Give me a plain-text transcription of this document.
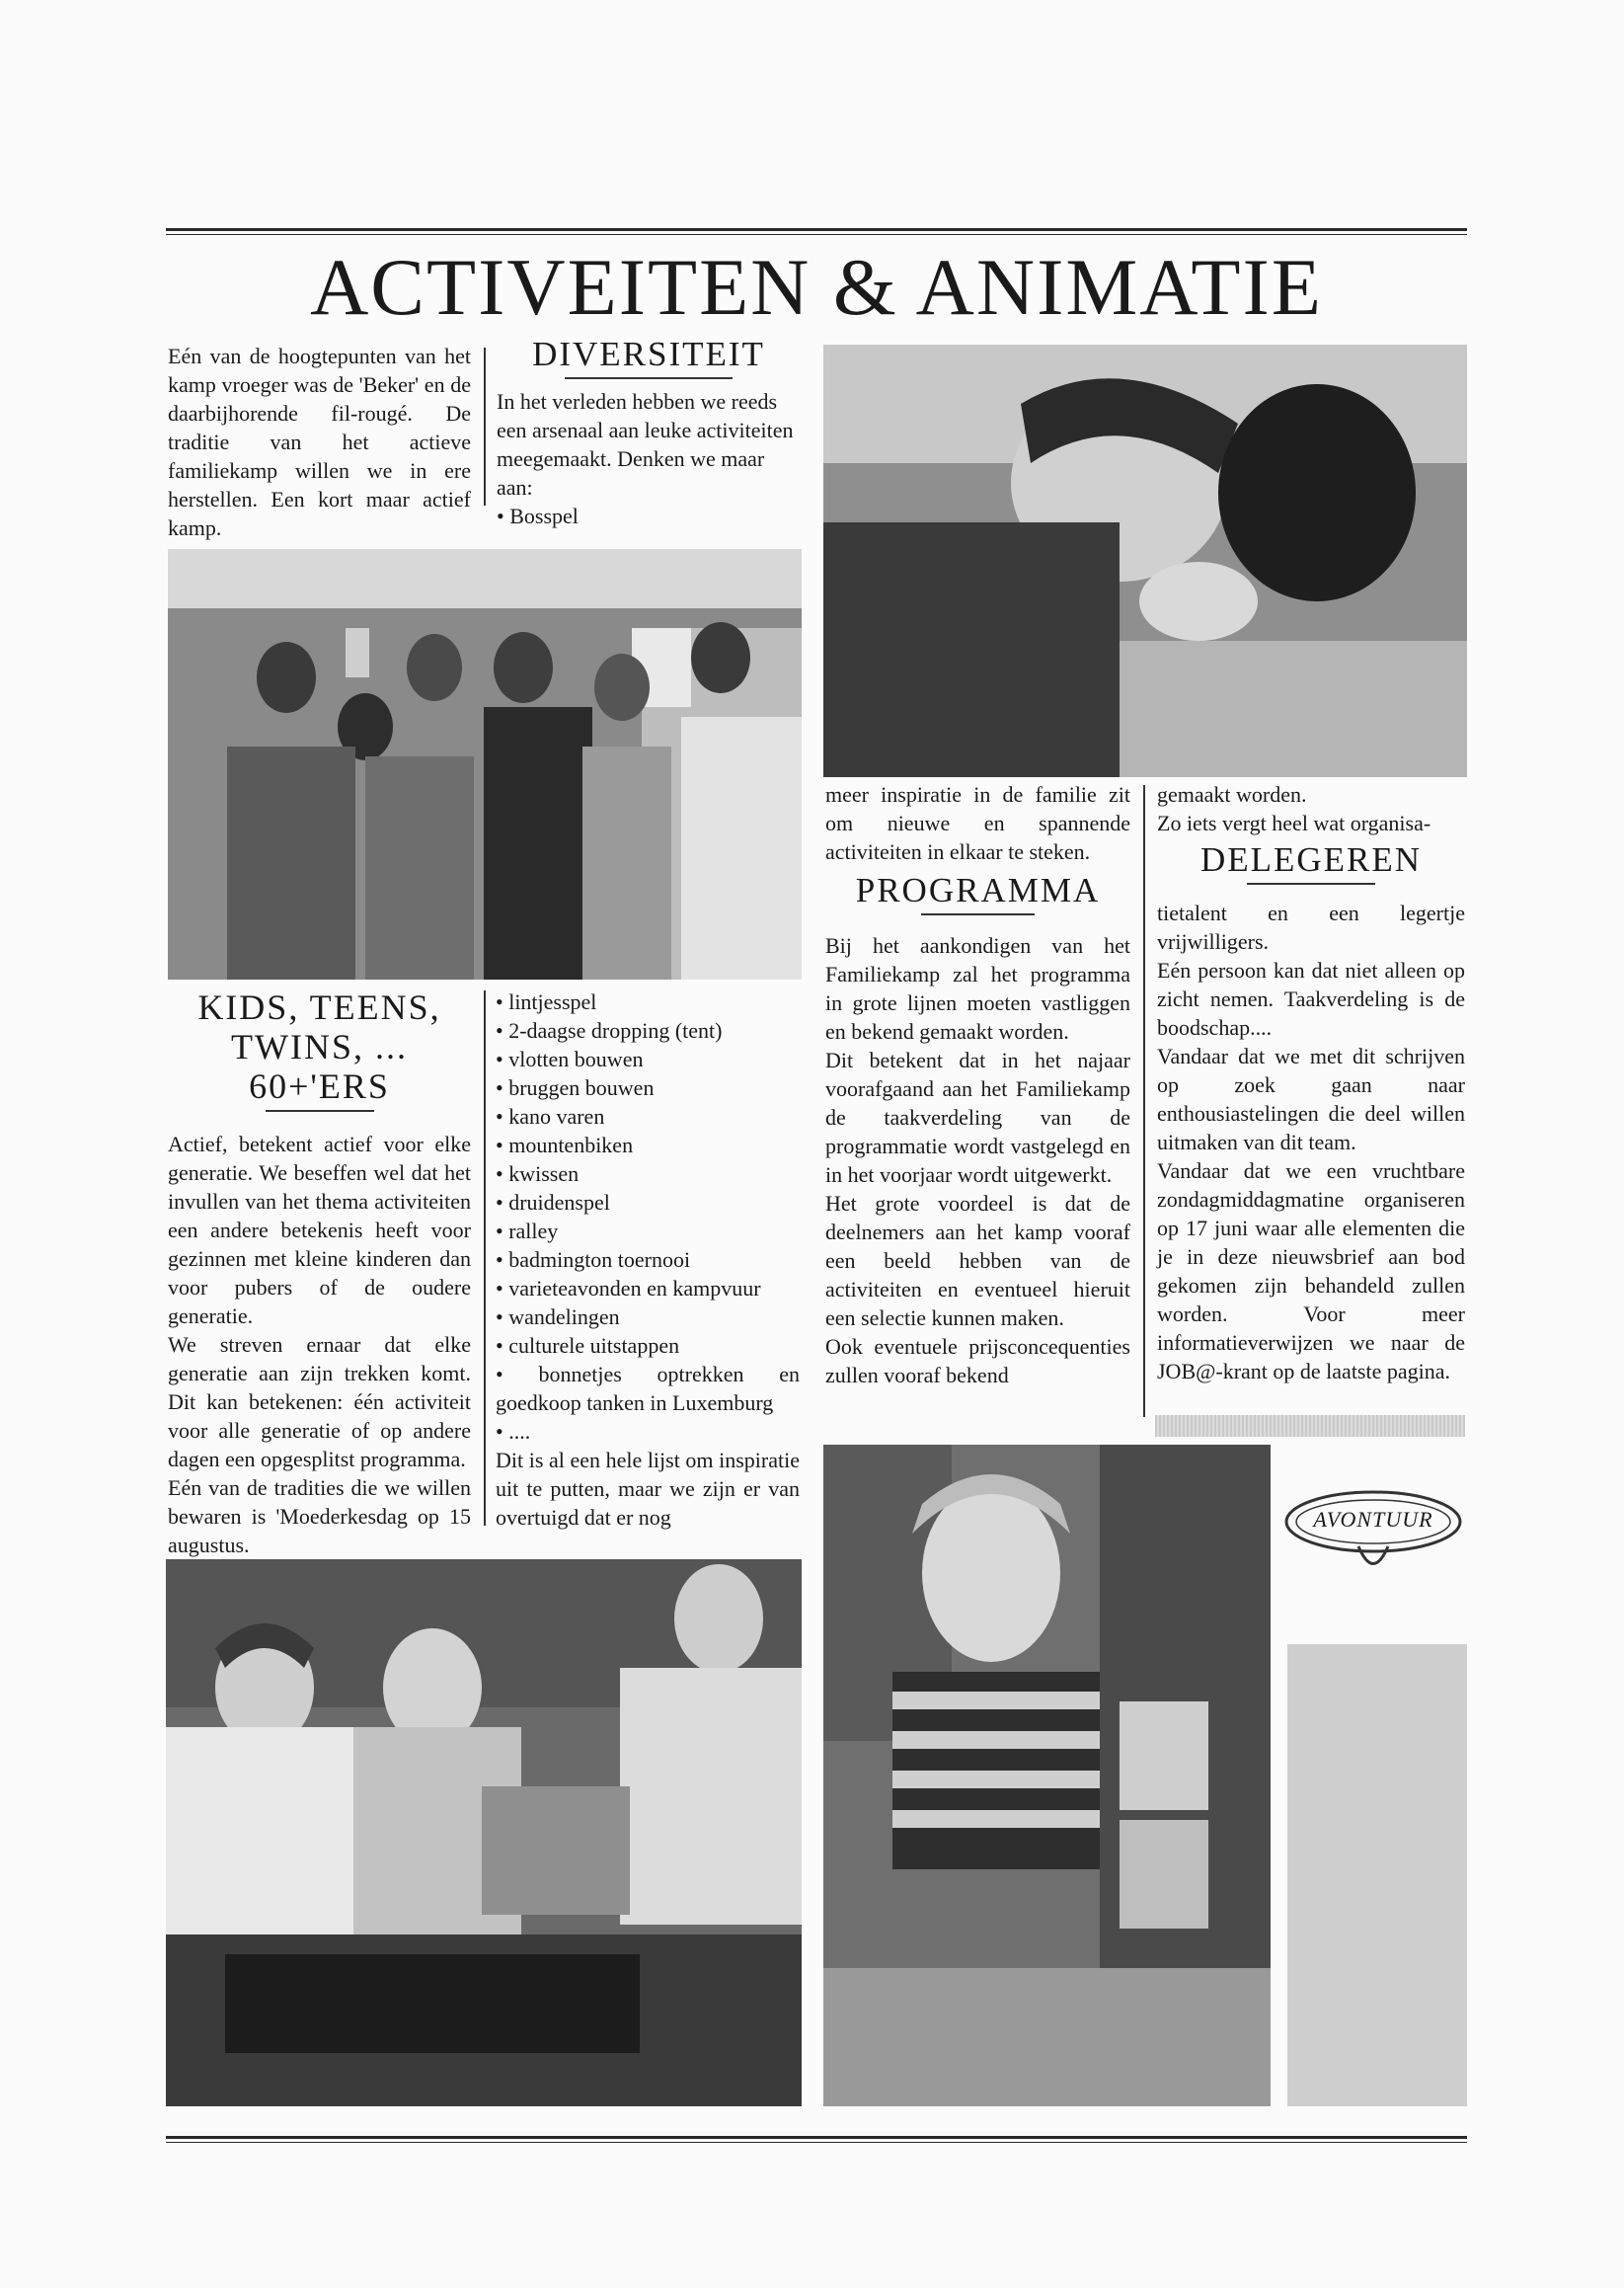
ACTIVEITEN & ANIMATIE

Eén van de hoogtepunten van het kamp vroeger was de 'Beker' en de daarbijhorende fil-rougé. De traditie van het actieve familiekamp willen we in ere herstellen. Een kort maar actief kamp.

DIVERSITEIT

In het verleden hebben we reeds een arsenaal aan leuke activiteiten meegemaakt. Denken we maar aan:

• Bosspel

KIDS, TEENS,
TWINS, ... 60+'ERS

Actief, betekent actief voor elke generatie. We beseffen wel dat het invullen van het thema activiteiten een andere betekenis heeft voor gezinnen met kleine kinderen dan voor pubers of de oudere generatie.

We streven ernaar dat elke generatie aan zijn trekken komt. Dit kan betekenen: één activiteit voor alle generatie of op andere dagen een opgesplitst programma.

Eén van de tradities die we willen bewaren is 'Moederkesdag op 15 augustus.

• lintjesspel
• 2-daagse dropping (tent)
• vlotten bouwen
• bruggen bouwen
• kano varen
• mountenbiken
• kwissen
• druidenspel
• ralley
• badmington toernooi
• varieteavonden en kampvuur
• wandelingen
• culturele uitstappen
• bonnetjes optrekken en goedkoop tanken in Luxemburg
• ....

Dit is al een hele lijst om inspiratie uit te putten, maar we zijn er van overtuigd dat er nog

meer inspiratie in de familie zit om nieuwe en spannende activiteiten in elkaar te steken.

PROGRAMMA

Bij het aankondigen van het Familiekamp zal het programma in grote lijnen moeten vastliggen en bekend gemaakt worden.

Dit betekent dat in het najaar voorafgaand aan het Familiekamp de taakverdeling van de programmatie wordt vastgelegd en in het voorjaar wordt uitgewerkt.

Het grote voordeel is dat de deelnemers aan het kamp vooraf een beeld hebben van de activiteiten en eventueel hieruit een selectie kunnen maken.

Ook eventuele prijsconcequenties zullen vooraf bekend

gemaakt worden.

Zo iets vergt heel wat organisa-

DELEGEREN

tietalent en een legertje vrijwilligers.

Eén persoon kan dat niet alleen op zicht nemen. Taakverdeling is de boodschap....

Vandaar dat we met dit schrijven op zoek gaan naar enthousiastelingen die deel willen uitmaken van dit team.

Vandaar dat we een vruchtbare zondagmiddagmatine organiseren op 17 juni waar alle elementen die je in deze nieuwsbrief aan bod gekomen zijn behandeld zullen worden. Voor meer informatieverwijzen we naar de JOB@-krant op de laatste pagina.

AVONTUUR
